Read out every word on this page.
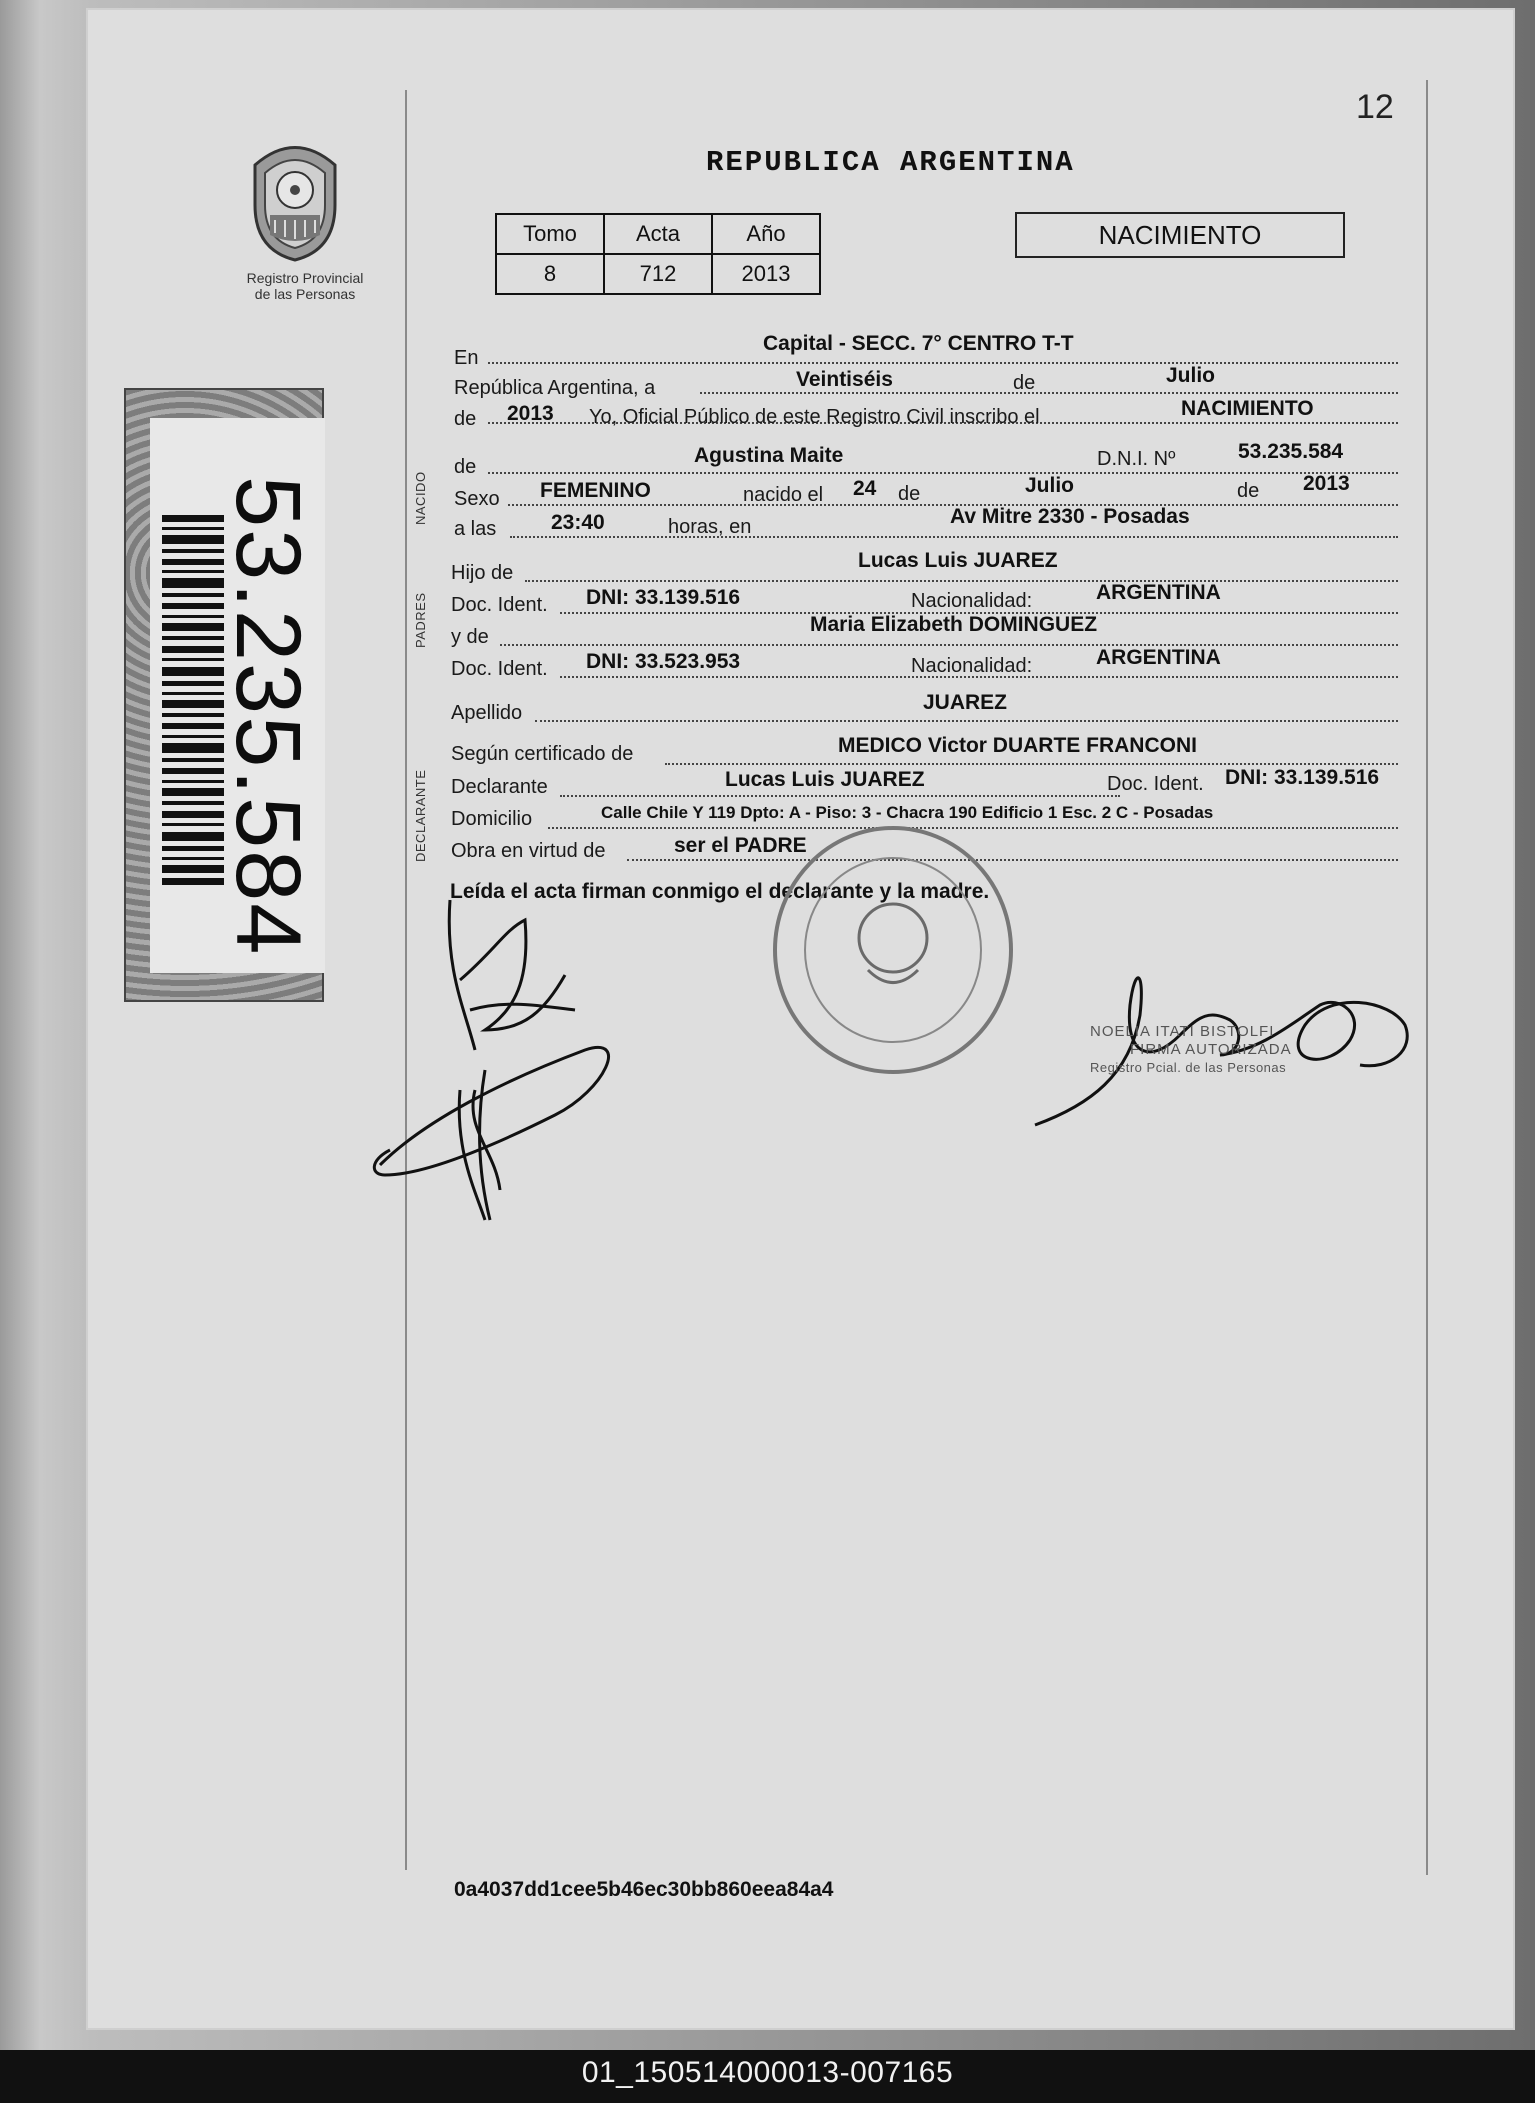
12
Registro Provincial
de las Personas
53.235.584
REPUBLICA ARGENTINA
Tomo	Acta	Año
8	712	2013
NACIMIENTO
NACIDO
PADRES
DECLARANTE
En
Capital - SECC. 7° CENTRO T-T
República Argentina, a	Veintiséis	de	Julio
de 2013 Yo, Oficial Público de este Registro Civil inscribo el	NACIMIENTO
de	Agustina Maite	D.N.I. Nº	53.235.584
Sexo FEMENINO	nacido el 24 de	Julio	de 2013
a las	23:40	horas, en	Av Mitre 2330 - Posadas
Hijo de
Lucas Luis JUAREZ
Doc. Ident. DNI: 33.139.516	Nacionalidad:	ARGENTINA
y de
Maria Elizabeth DOMINGUEZ
Doc. Ident. DNI: 33.523.953	Nacionalidad:	ARGENTINA
Apellido	JUAREZ
Según certificado de	MEDICO Victor DUARTE FRANCONI
Declarante	Lucas Luis JUAREZ	Doc. Ident. DNI: 33.139.516
Domicilio	Calle Chile Y 119 Dpto: A - Piso: 3 - Chacra 190 Edificio 1 Esc. 2 C - Posadas
Obra en virtud de	ser el PADRE
Leída el acta firman conmigo el declarante y la madre.
NOELIA ITATI BISTOLFI
FIRMA AUTORIZADA
Registro Pcial. de las Personas
0a4037dd1cee5b46ec30bb860eea84a4
01_150514000013-007165
